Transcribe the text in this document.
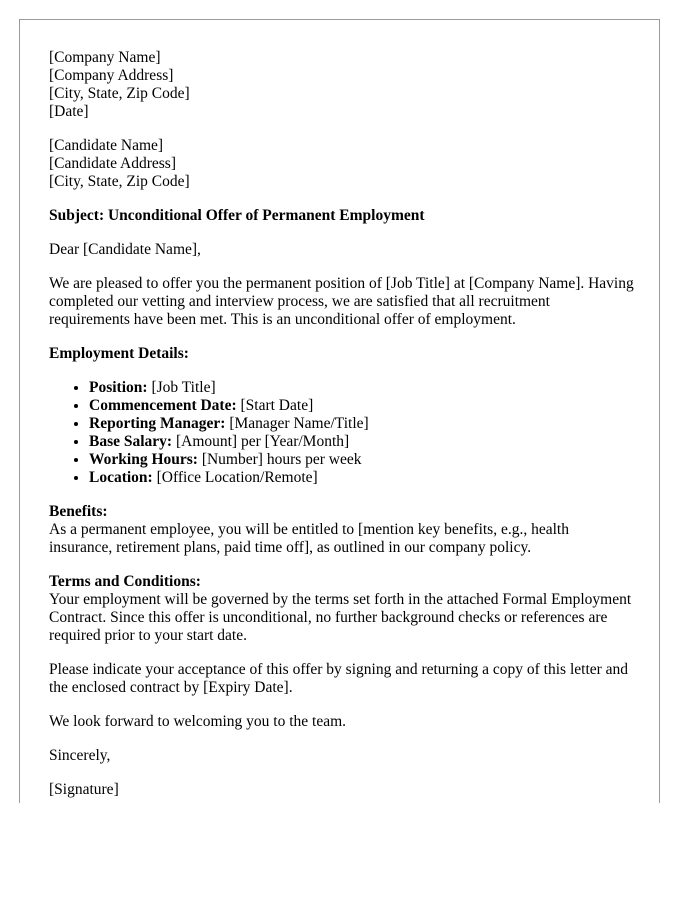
[Company Name]
[Company Address]
[City, State, Zip Code]
[Date]
[Candidate Name]
[Candidate Address]
[City, State, Zip Code]

Subject: Unconditional Offer of Permanent Employment

Dear [Candidate Name],

We are pleased to offer you the permanent position of [Job Title] at [Company Name]. Having completed our vetting and interview process, we are satisfied that all recruitment requirements have been met. This is an unconditional offer of employment.

Employment Details:

• Position: [Job Title]
• Commencement Date: [Start Date]
• Reporting Manager: [Manager Name/Title]
• Base Salary: [Amount] per [Year/Month]
• Working Hours: [Number] hours per week
• Location: [Office Location/Remote]
Benefits:
As a permanent employee, you will be entitled to [mention key benefits, e.g., health insurance, retirement plans, paid time off], as outlined in our company policy.
Terms and Conditions:
Your employment will be governed by the terms set forth in the attached Formal Employment Contract. Since this offer is unconditional, no further background checks or references are required prior to your start date.

Please indicate your acceptance of this offer by signing and returning a copy of this letter and the enclosed contract by [Expiry Date].

We look forward to welcoming you to the team.

Sincerely,

[Signature]
